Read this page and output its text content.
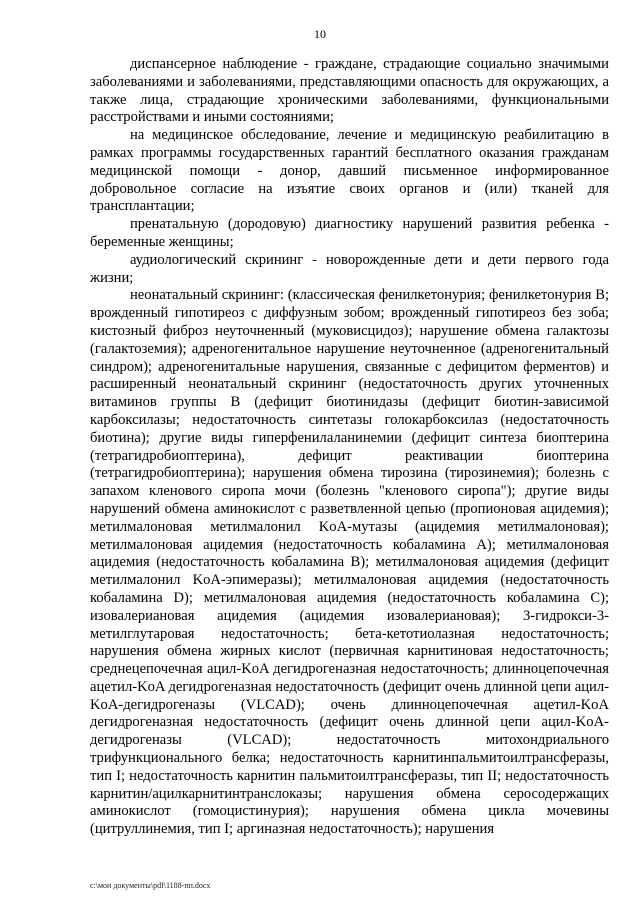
10

диспансерное наблюдение - граждане, страдающие социально значимыми заболеваниями и заболеваниями, представляющими опасность для окружающих, а также лица, страдающие хроническими заболеваниями, функциональными расстройствами и иными состояниями;

на медицинское обследование, лечение и медицинскую реабилитацию в рамках программы государственных гарантий бесплатного оказания гражданам медицинской помощи - донор, давший письменное информированное добровольное согласие на изъятие своих органов и (или) тканей для трансплантации;

пренатальную (дородовую) диагностику нарушений развития ребенка - беременные женщины;

аудиологический скрининг - новорожденные дети и дети первого года жизни;

неонатальный скрининг: (классическая фенилкетонурия; фенилкетонурия B; врожденный гипотиреоз с диффузным зобом; врожденный гипотиреоз без зоба; кистозный фиброз неуточненный (муковисцидоз); нарушение обмена галактозы (галактоземия); адреногенитальное нарушение неуточненное (адреногенитальный синдром); адреногенитальные нарушения, связанные с дефицитом ферментов) и расширенный неонатальный скрининг (недостаточность других уточненных витаминов группы B (дефицит биотинидазы (дефицит биотин-зависимой карбоксилазы; недостаточность синтетазы голокарбоксилаз (недостаточность биотина); другие виды гиперфенилаланинемии (дефицит синтеза биоптерина (тетрагидробиоптерина), дефицит реактивации биоптерина (тетрагидробиоптерина); нарушения обмена тирозина (тирозинемия); болезнь с запахом кленового сиропа мочи (болезнь "кленового сиропа"); другие виды нарушений обмена аминокислот с разветвленной цепью (пропионовая ацидемия); метилмалоновая метилмалонил KoA-мутазы (ацидемия метилмалоновая); метилмалоновая ацидемия (недостаточность кобаламина A); метилмалоновая ацидемия (недостаточность кобаламина B); метилмалоновая ацидемия (дефицит метилмалонил KoA-эпимеразы); метилмалоновая ацидемия (недостаточность кобаламина D); метилмалоновая ацидемия (недостаточность кобаламина C); изовалериановая ацидемия (ацидемия изовалериановая); 3-гидрокси-3-метилглутаровая недостаточность; бета-кетотиолазная недостаточность; нарушения обмена жирных кислот (первичная карнитиновая недостаточность; среднецепочечная ацил-KoA дегидрогеназная недостаточность; длинноцепочечная ацетил-KoA дегидрогеназная недостаточность (дефицит очень длинной цепи ацил-KoA-дегидрогеназы (VLCAD); очень длинноцепочечная ацетил-KoA дегидрогеназная недостаточность (дефицит очень длинной цепи ацил-KoA-дегидрогеназы (VLCAD); недостаточность митохондриального трифункционального белка; недостаточность карнитинпальмитоилтрансферазы, тип I; недостаточность карнитин пальмитоилтрансферазы, тип II; недостаточность карнитин/ацилкарнитинтранслоказы; нарушения обмена серосодержащих аминокислот (гомоцистинурия); нарушения обмена цикла мочевины (цитруллинемия, тип I; аргиназная недостаточность); нарушения

c:\мои документы\pdf\1188-пп.docx
